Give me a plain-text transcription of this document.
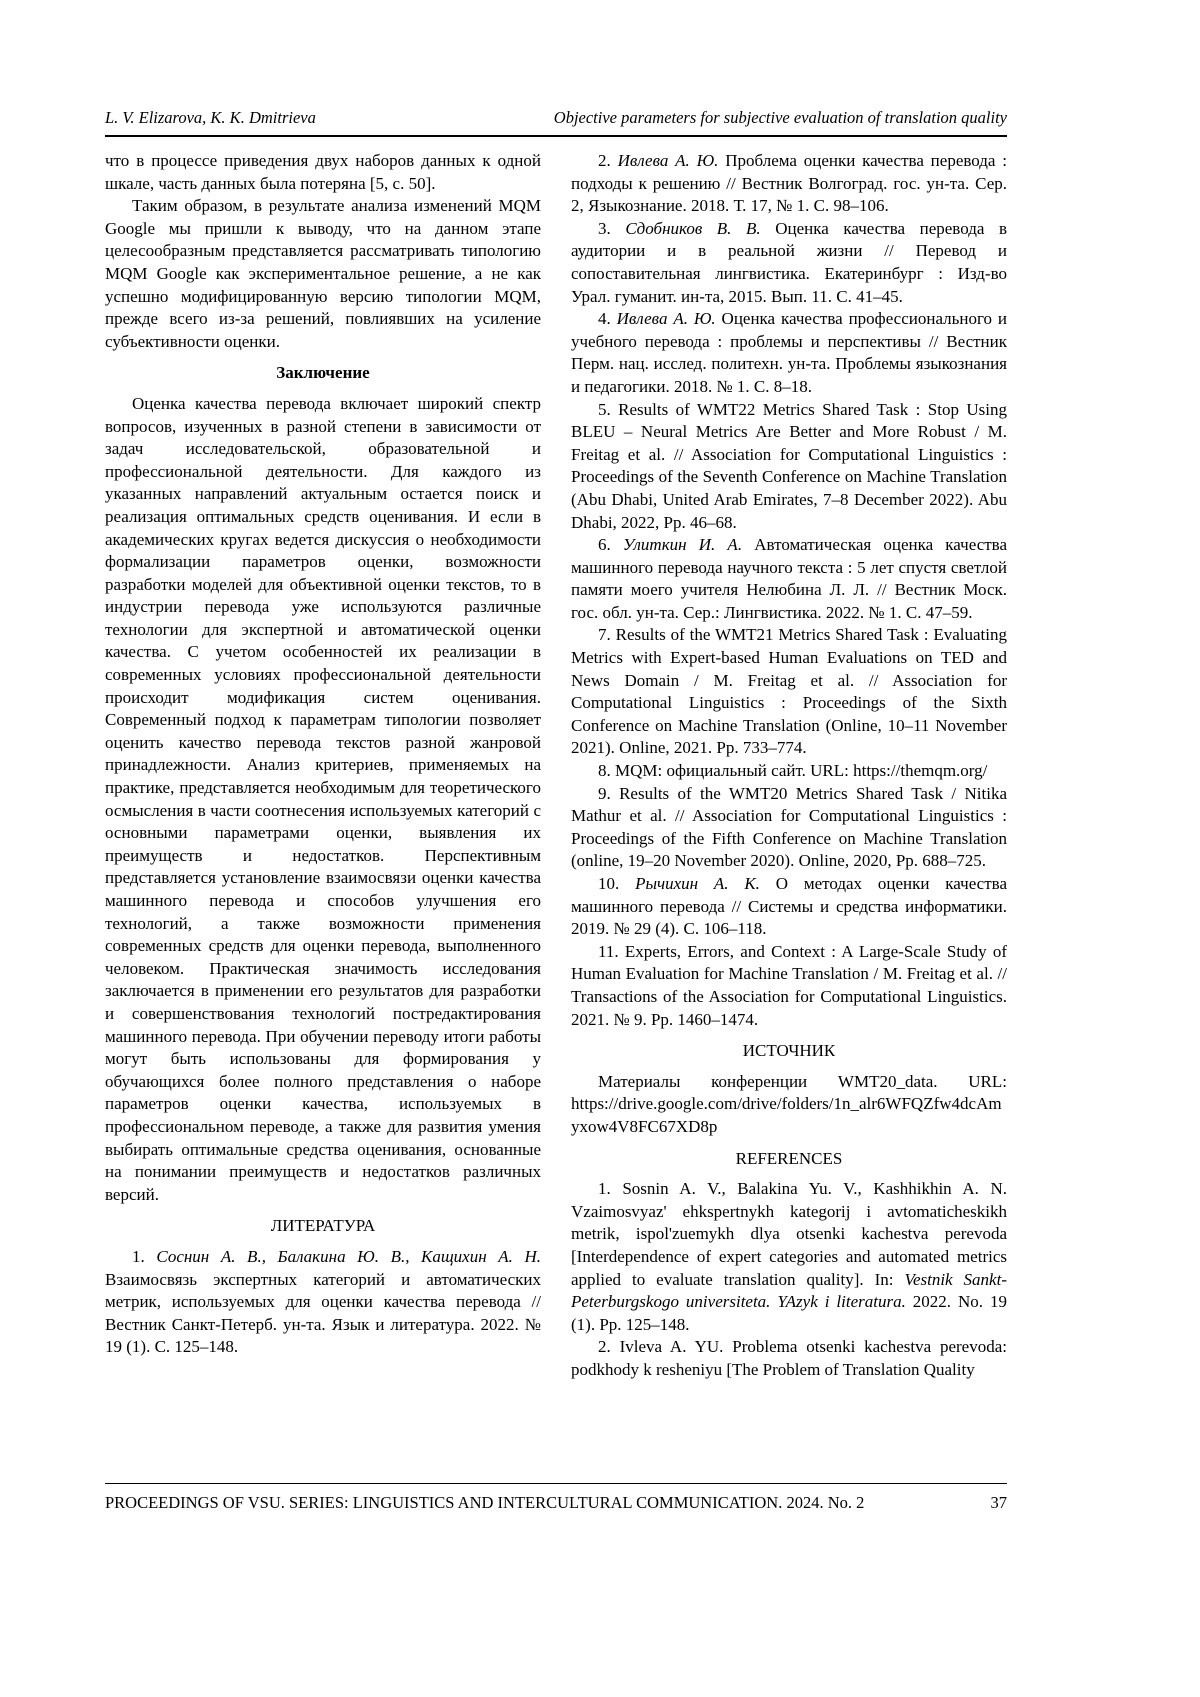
L. V. Elizarova, K. K. Dmitrieva	Objective parameters for subjective evaluation of translation quality

что в процессе приведения двух наборов данных к одной шкале, часть данных была потеряна [5, с. 50].

Таким образом, в результате анализа изменений MQM Google мы пришли к выводу, что на данном этапе целесообразным представляется рассматривать типологию MQM Google как экспериментальное решение, а не как успешно модифицированную версию типологии MQM, прежде всего из-за решений, повлиявших на усиление субъективности оценки.

Заключение

Оценка качества перевода включает широкий спектр вопросов, изученных в разной степени в зависимости от задач исследовательской, образовательной и профессиональной деятельности. Для каждого из указанных направлений актуальным остается поиск и реализация оптимальных средств оценивания. И если в академических кругах ведется дискуссия о необходимости формализации параметров оценки, возможности разработки моделей для объективной оценки текстов, то в индустрии перевода уже используются различные технологии для экспертной и автоматической оценки качества. С учетом особенностей их реализации в современных условиях профессиональной деятельности происходит модификация систем оценивания. Современный подход к параметрам типологии позволяет оценить качество перевода текстов разной жанровой принадлежности. Анализ критериев, применяемых на практике, представляется необходимым для теоретического осмысления в части соотнесения используемых категорий с основными параметрами оценки, выявления их преимуществ и недостатков. Перспективным представляется установление взаимосвязи оценки качества машинного перевода и способов улучшения его технологий, а также возможности применения современных средств для оценки перевода, выполненного человеком. Практическая значимость исследования заключается в применении его результатов для разработки и совершенствования технологий постредактирования машинного перевода. При обучении переводу итоги работы могут быть использованы для формирования у обучающихся более полного представления о наборе параметров оценки качества, используемых в профессиональном переводе, а также для развития умения выбирать оптимальные средства оценивания, основанные на понимании преимуществ и недостатков различных версий.

ЛИТЕРАТУРА

1. Соснин А. В., Балакина Ю. В., Кащихин А. Н. Взаимосвязь экспертных категорий и автоматических метрик, используемых для оценки качества перевода // Вестник Санкт-Петерб. ун-та. Язык и литература. 2022. № 19 (1). С. 125–148.

2. Ивлева А. Ю. Проблема оценки качества перевода : подходы к решению // Вестник Волгоград. гос. ун-та. Сер. 2, Языкознание. 2018. Т. 17, № 1. С. 98–106.

3. Сдобников В. В. Оценка качества перевода в аудитории и в реальной жизни // Перевод и сопоставительная лингвистика. Екатеринбург : Изд-во Урал. гуманит. ин-та, 2015. Вып. 11. С. 41–45.

4. Ивлева А. Ю. Оценка качества профессионального и учебного перевода : проблемы и перспективы // Вестник Перм. нац. исслед. политехн. ун-та. Проблемы языкознания и педагогики. 2018. № 1. С. 8–18.

5. Results of WMT22 Metrics Shared Task : Stop Using BLEU – Neural Metrics Are Better and More Robust / M. Freitag et al. // Association for Computational Linguistics : Proceedings of the Seventh Conference on Machine Translation (Abu Dhabi, United Arab Emirates, 7–8 December 2022). Abu Dhabi, 2022, Pp. 46–68.

6. Улиткин И. А. Автоматическая оценка качества машинного перевода научного текста : 5 лет спустя светлой памяти моего учителя Нелюбина Л. Л. // Вестник Моск. гос. обл. ун-та. Сер.: Лингвистика. 2022. № 1. С. 47–59.

7. Results of the WMT21 Metrics Shared Task : Evaluating Metrics with Expert-based Human Evaluations on TED and News Domain / M. Freitag et al. // Association for Computational Linguistics : Proceedings of the Sixth Conference on Machine Translation (Online, 10–11 November 2021). Online, 2021. Pp. 733–774.

8. MQM: официальный сайт. URL: https://themqm.org/

9. Results of the WMT20 Metrics Shared Task / Nitika Mathur et al. // Association for Computational Linguistics : Proceedings of the Fifth Conference on Machine Translation (online, 19–20 November 2020). Online, 2020, Pp. 688–725.

10. Рычихин А. К. О методах оценки качества машинного перевода // Системы и средства информатики. 2019. № 29 (4). С. 106–118.

11. Experts, Errors, and Context : A Large-Scale Study of Human Evaluation for Machine Translation / M. Freitag et al. // Transactions of the Association for Computational Linguistics. 2021. № 9. Pp. 1460–1474.

ИСТОЧНИК

Материалы конференции WMT20_data. URL: https://drive.google.com/drive/folders/1n_alr6WFQZfw4dcAmyxow4V8FC67XD8p

REFERENCES

1. Sosnin A. V., Balakina Yu. V., Kashhikhin A. N. Vzaimosvyaz' ehkspertnykh kategorij i avtomaticheskikh metrik, ispol'zuemykh dlya otsenki kachestva perevoda [Interdependence of expert categories and automated metrics applied to evaluate translation quality]. In: Vestnik Sankt-Peterburgskogo universiteta. YAzyk i literatura. 2022. No. 19 (1). Pp. 125–148.

2. Ivleva A. YU. Problema otsenki kachestva perevoda: podkhody k resheniyu [The Problem of Translation Quality

PROCEEDINGS OF VSU. SERIES: LINGUISTICS AND INTERCULTURAL COMMUNICATION. 2024. No. 2	37
